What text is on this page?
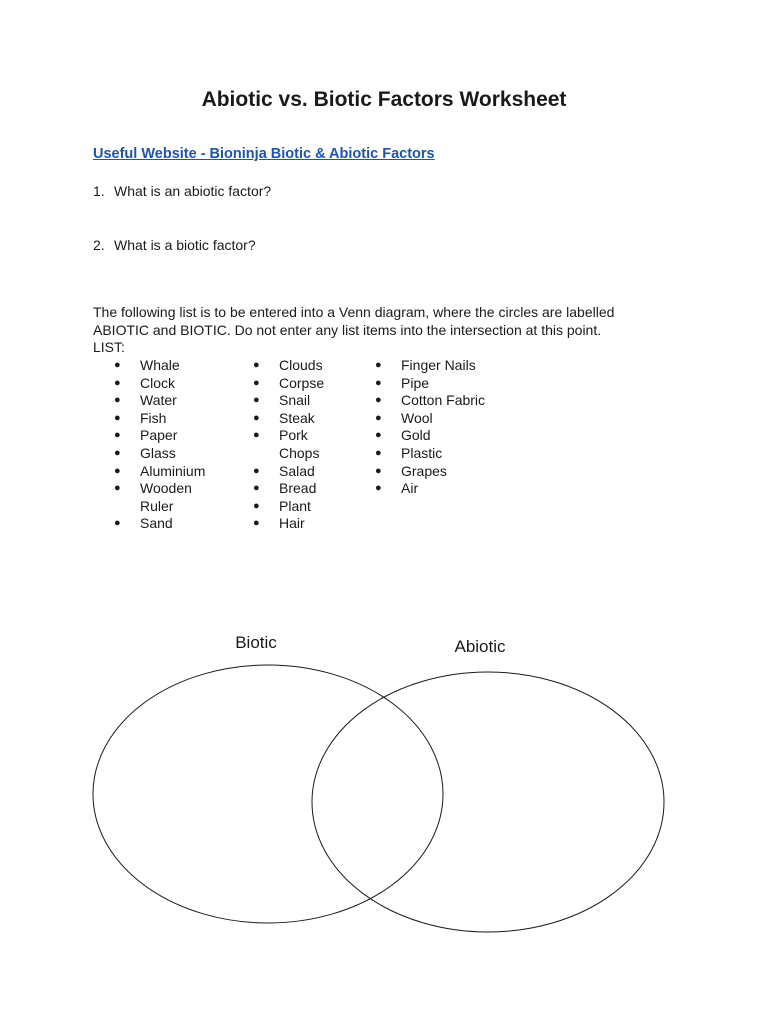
Abiotic vs. Biotic Factors Worksheet
Useful Website - Bioninja Biotic & Abiotic Factors
1. What is an abiotic factor?
2. What is a biotic factor?

The following list is to be entered into a Venn diagram, where the circles are labelled

ABIOTIC and BIOTIC. Do not enter any list items into the intersection at this point.

LIST:

● Whale
● Clock
● Water
● Fish
● Paper
● Glass
● Aluminium
● Wooden Ruler
● Sand
● Clouds
● Corpse
● Snail
● Steak
● Pork Chops
● Salad
● Bread
● Plant
● Hair
● Finger Nails
● Pipe
● Cotton Fabric
● Wool
● Gold
● Plastic
● Grapes
● Air
Biotic	Abiotic
